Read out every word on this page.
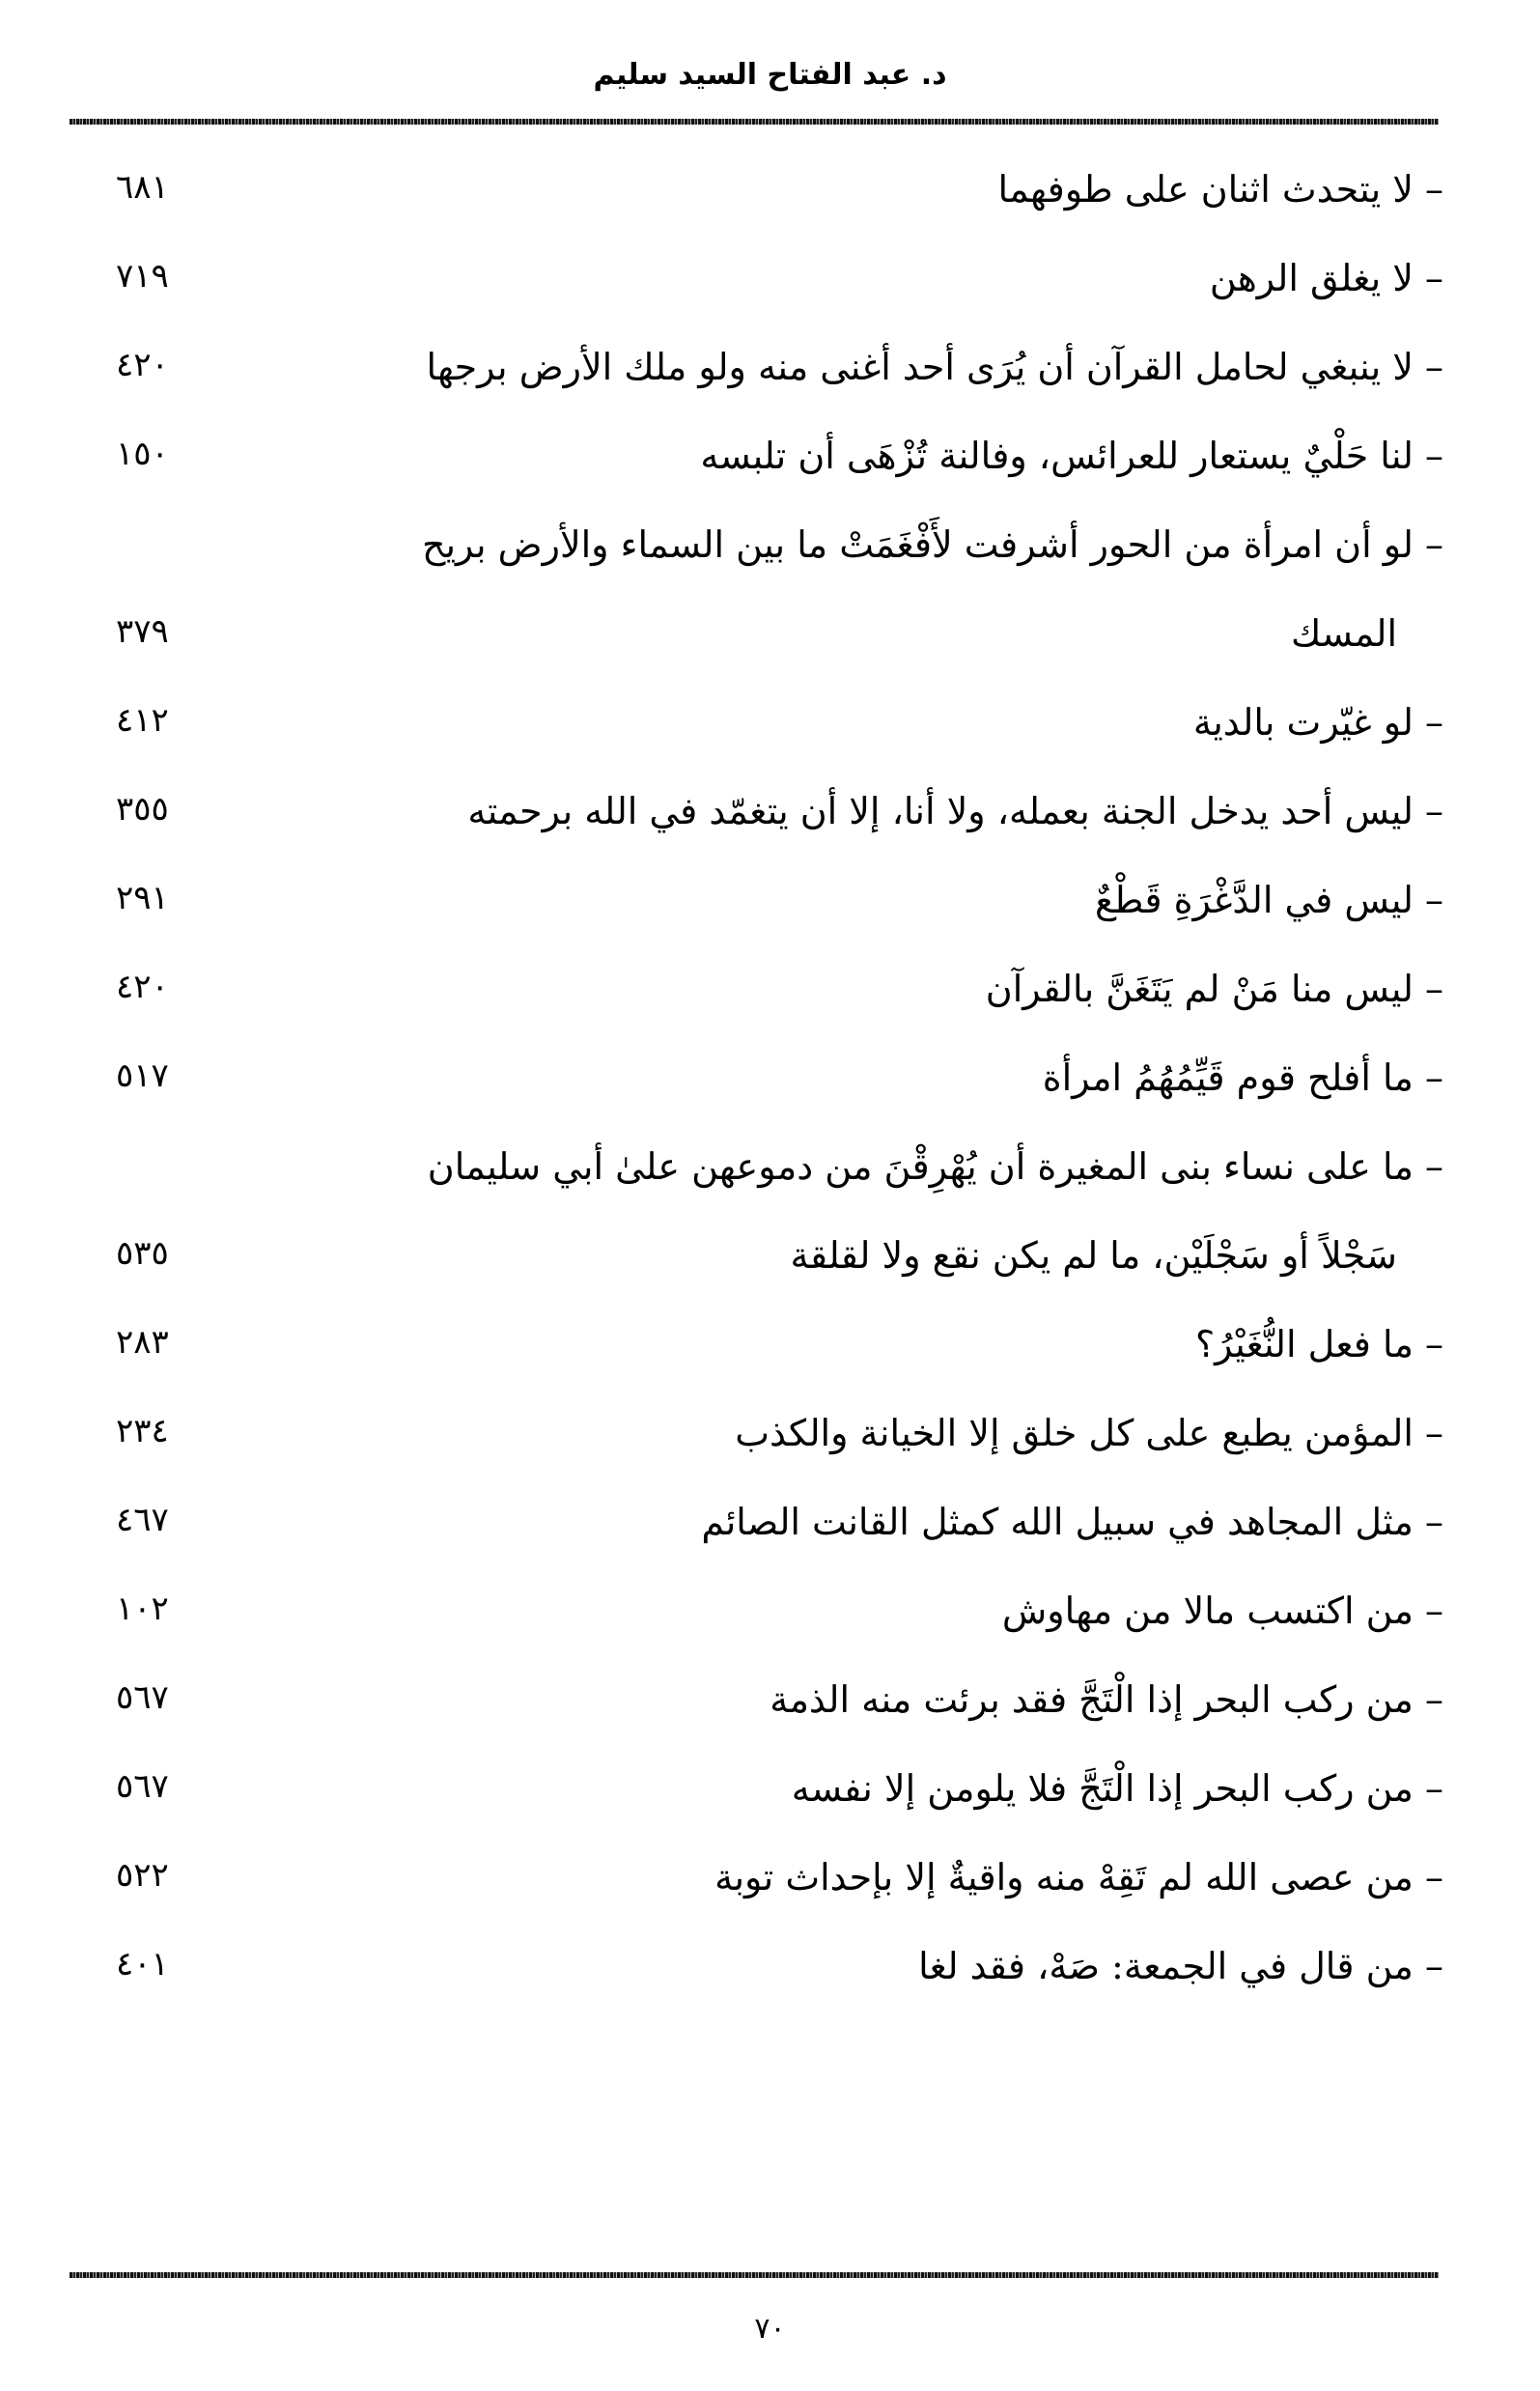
د. عبد الفتاح السيد سليم
– لا يتحدث اثنان على طوفهما
٦٨١
– لا يغلق الرهن
٧١٩
– لا ينبغي لحامل القرآن أن يُرَى أحد أغنى منه ولو ملك الأرض برجها
٤٢٠
– لنا حَلْيٌ يستعار للعرائس، وفالنة تُزْهَى أن تلبسه
١٥٠
– لو أن امرأة من الحور أشرفت لأَفْغَمَتْ ما بين السماء والأرض بريح
المسك
٣٧٩
– لو غيّرت بالدية
٤١٢
– ليس أحد يدخل الجنة بعمله، ولا أنا، إلا أن يتغمّد في الله برحمته
٣٥٥
– ليس في الدَّغْرَةِ قَطْعٌ
٢٩١
– ليس منا مَنْ لم يَتَغَنَّ بالقرآن
٤٢٠
– ما أفلح قوم قَيِّمُهُمُ امرأة
٥١٧
– ما على نساء بنى المغيرة أن يُهْرِقْنَ من دموعهن علىٰ أبي سليمان
سَجْلاً أو سَجْلَيْن، ما لم يكن نقع ولا لقلقة
٥٣٥
– ما فعل النُّغَيْرُ؟
٢٨٣
– المؤمن يطبع على كل خلق إلا الخيانة والكذب
٢٣٤
– مثل المجاهد في سبيل الله كمثل القانت الصائم
٤٦٧
– من اكتسب مالا من مهاوش
١٠٢
– من ركب البحر إذا الْتَجَّ فقد برئت منه الذمة
٥٦٧
– من ركب البحر إذا الْتَجَّ فلا يلومن إلا نفسه
٥٦٧
– من عصى الله لم تَقِهْ منه واقيةٌ إلا بإحداث توبة
٥٢٢
– من قال في الجمعة: صَهْ، فقد لغا
٤٠١
٧٠
